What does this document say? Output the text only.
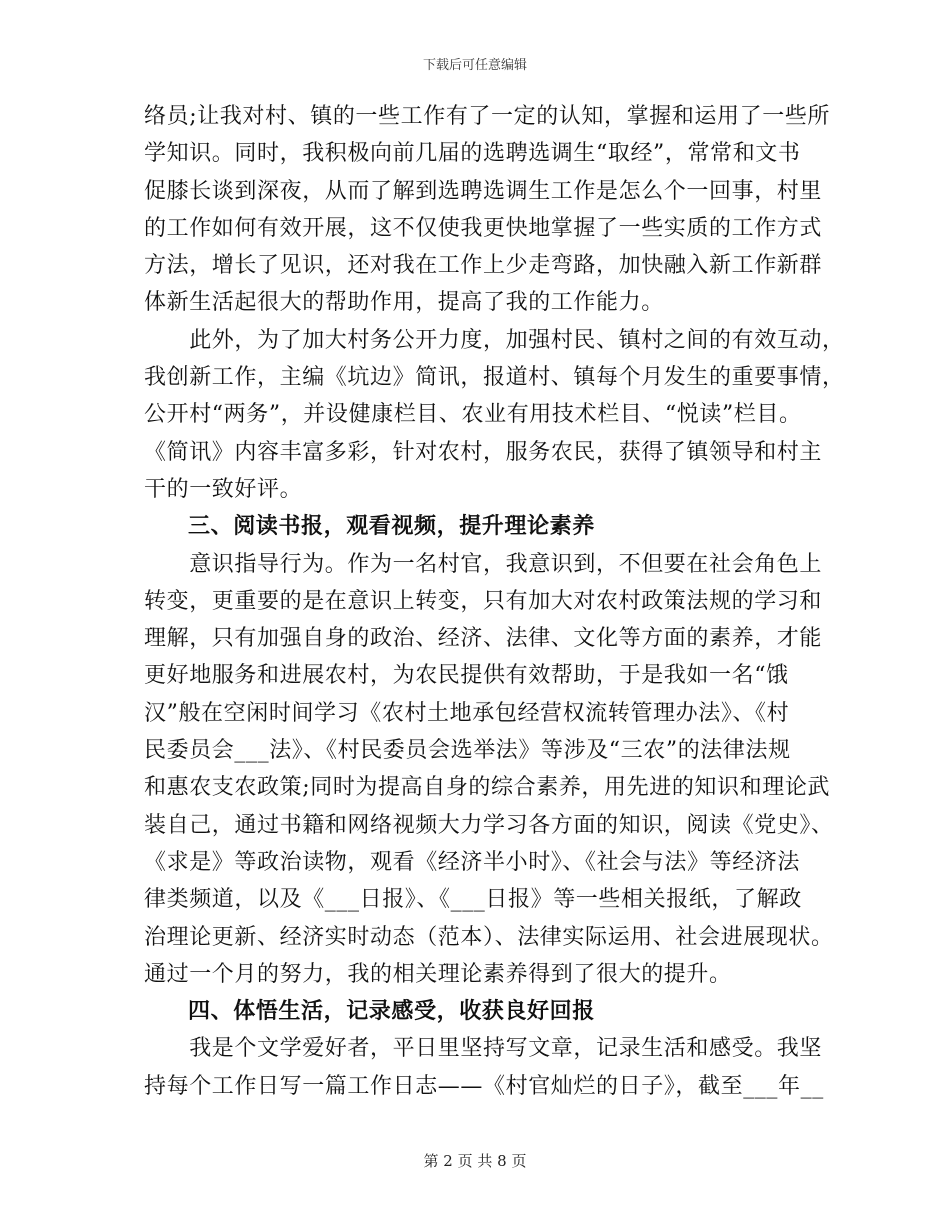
下载后可任意编辑
络员;让我对村、镇的一些工作有了一定的认知，掌握和运用了一些所
学知识。同时，我积极向前几届的选聘选调生“取经”，常常和文书
促膝长谈到深夜，从而了解到选聘选调生工作是怎么个一回事，村里
的工作如何有效开展，这不仅使我更快地掌握了一些实质的工作方式
方法，增长了见识，还对我在工作上少走弯路，加快融入新工作新群
体新生活起很大的帮助作用，提高了我的工作能力。
　　此外，为了加大村务公开力度，加强村民、镇村之间的有效互动，
我创新工作，主编《坑边》简讯，报道村、镇每个月发生的重要事情，
公开村“两务”，并设健康栏目、农业有用技术栏目、“悦读”栏目。
《简讯》内容丰富多彩，针对农村，服务农民，获得了镇领导和村主
干的一致好评。
三、阅读书报，观看视频，提升理论素养
　　意识指导行为。作为一名村官，我意识到，不但要在社会角色上
转变，更重要的是在意识上转变，只有加大对农村政策法规的学习和
理解，只有加强自身的政治、经济、法律、文化等方面的素养，才能
更好地服务和进展农村，为农民提供有效帮助，于是我如一名“饿
汉”般在空闲时间学习《农村土地承包经营权流转管理办法》、《村
民委员会___法》、《村民委员会选举法》等涉及“三农”的法律法规
和惠农支农政策;同时为提高自身的综合素养，用先进的知识和理论武
装自己，通过书籍和网络视频大力学习各方面的知识，阅读《党史》、
《求是》等政治读物，观看《经济半小时》、《社会与法》等经济法
律类频道，以及《___日报》、《___日报》等一些相关报纸，了解政
治理论更新、经济实时动态（范本）、法律实际运用、社会进展现状。
通过一个月的努力，我的相关理论素养得到了很大的提升。
四、体悟生活，记录感受，收获良好回报
　　我是个文学爱好者，平日里坚持写文章，记录生活和感受。我坚
持每个工作日写一篇工作日志——《村官灿烂的日子》，截至___年__
第 2 页 共 8 页
